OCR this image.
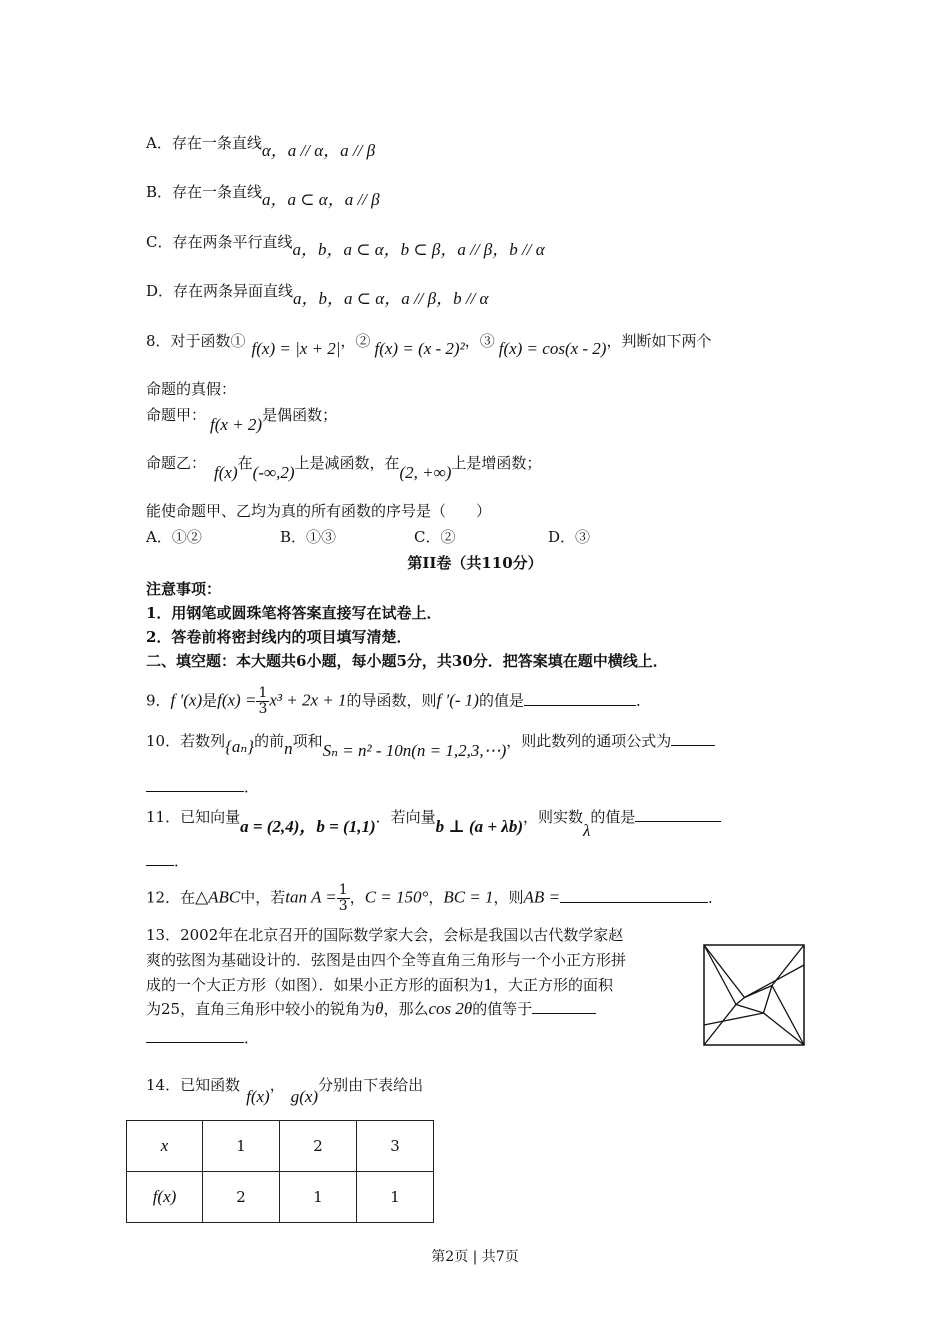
A．存在一条直线α，a // α，a // β
B．存在一条直线a，a ⊂ α，a // β
C．存在两条平行直线a，b，a ⊂ α，b ⊂ β，a // β，b // α
D．存在两条异面直线a，b，a ⊂ α，a // β，b // α
8．对于函数① f(x) = |x + 2|，② f(x) = (x - 2)²，③ f(x) = cos(x - 2)，判断如下两个
命题的真假：
命题甲： f(x + 2)是偶函数；
命题乙： f(x)在(-∞,2)上是减函数，在(2, +∞)上是增函数；
能使命题甲、乙均为真的所有函数的序号是（　　）
A．①②	B．①③	C．②	D．③
第II卷（共110分）
注意事项：
1．用钢笔或圆珠笔将答案直接写在试卷上．
2．答卷前将密封线内的项目填写清楚．
二、填空题：本大题共6小题，每小题5分，共30分．把答案填在题中横线上．
9．f ′(x)是$f(x) = \frac{1}{3} x^3 + 2x + 1$的导函数，则f ′(- 1)的值是	．
10．若数列{aₙ}的前n项和Sₙ = n² - 10n(n = 1,2,3,⋯)，则此数列的通项公式为
．
11．已知向量a = (2,4)，b = (1,1)．若向量b ⊥ (a + λb)，则实数λ的值是
．
12．在△ABC中，若$\tan A = \frac{1}{3}$ ，C = 150°，BC = 1，则AB =	．
13．2002年在北京召开的国际数学家大会，会标是我国以古代数学家赵
爽的弦图为基础设计的．弦图是由四个全等直角三角形与一个小正方形拼
成的一个大正方形（如图）．如果小正方形的面积为1，大正方形的面积
为25，直角三角形中较小的锐角为θ，那么cos 2θ的值等于
．
14．已知函数f(x)，g(x)分别由下表给出
x	1	2	3
f(x)	2	1	1
第2页 | 共7页
